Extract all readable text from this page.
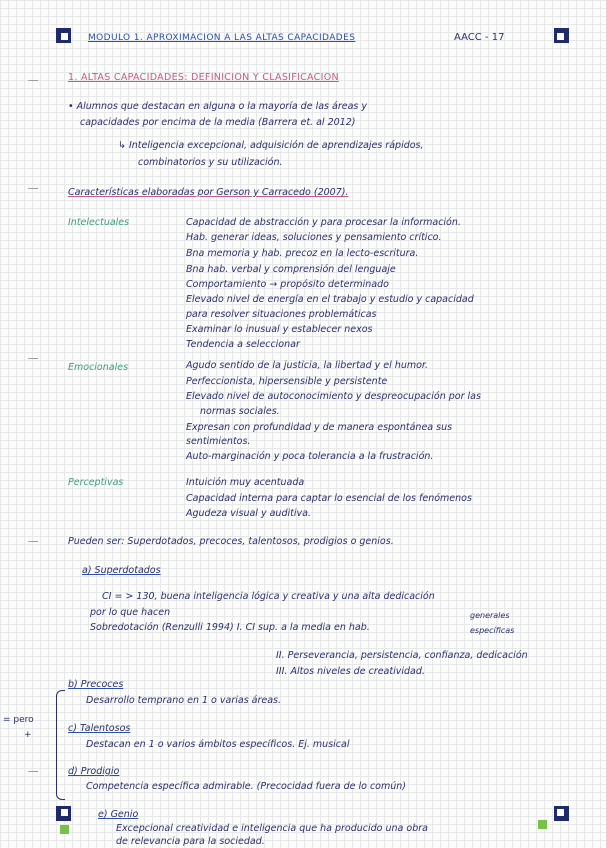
MODULO 1. APROXIMACION A LAS ALTAS CAPACIDADES	AACC - 17
1. ALTAS CAPACIDADES: DEFINICION Y CLASIFICACION
• Alumnos que destacan en alguna o la mayoría de las áreas y
capacidades por encima de la media (Barrera et. al 2012)
↳ Inteligencia excepcional, adquisición de aprendizajes rápidos,
combinatorios y su utilización.
Características elaboradas por Gerson y Carracedo (2007).
Intelectuales	Capacidad de abstracción y para procesar la información.
Hab. generar ideas, soluciones y pensamiento crítico.
Bna memoria y hab. precoz en la lecto-escritura.
Bna hab. verbal y comprensión del lenguaje
Comportamiento → propósito determinado
Elevado nivel de energía en el trabajo y estudio y capacidad
para resolver situaciones problemáticas
Examinar lo inusual y establecer nexos
Tendencia a seleccionar
Emocionales	Agudo sentido de la justicia, la libertad y el humor.
Perfeccionista, hipersensible y persistente
Elevado nivel de autoconocimiento y despreocupación por las
normas sociales.
Expresan con profundidad y de manera espontánea sus
sentimientos.
Auto-marginación y poca tolerancia a la frustración.
Perceptivas	Intuición muy acentuada
Capacidad interna para captar lo esencial de los fenómenos
Agudeza visual y auditiva.
Pueden ser: Superdotados, precoces, talentosos, prodigios o genios.
a) Superdotados
CI = > 130, buena inteligencia lógica y creativa y una alta dedicación
por lo que hacen
Sobredotación (Renzulli 1994) I. CI sup. a la media en hab.
generales
específicas
II. Perseverancia, persistencia, confianza, dedicación
III. Altos niveles de creatividad.
= pero
+
b) Precoces
Desarrollo temprano en 1 o varias áreas.
c) Talentosos
Destacan en 1 o varios ámbitos específicos. Ej. musical
d) Prodigio
Competencia específica admirable. (Precocidad fuera de lo común)
e) Genio
Excepcional creatividad e inteligencia que ha producido una obra
de relevancia para la sociedad.
